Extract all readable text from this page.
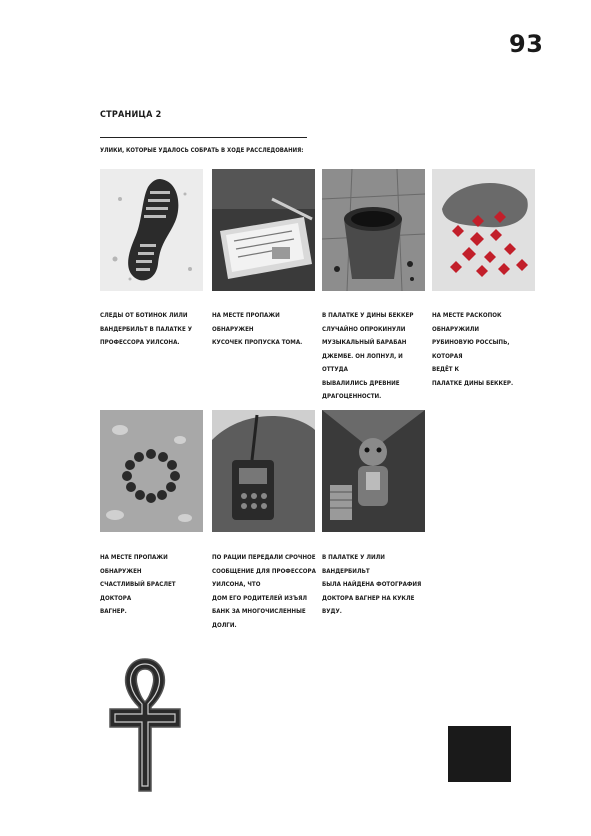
93
СТРАНИЦА 2
УЛИКИ, КОТОРЫЕ УДАЛОСЬ СОБРАТЬ В ХОДЕ РАССЛЕДОВАНИЯ:
СЛЕДЫ ОТ БОТИНОК ЛИЛИ
ВАНДЕРБИЛЬТ В ПАЛАТКЕ У
ПРОФЕССОРА УИЛСОНА.
НА МЕСТЕ ПРОПАЖИ ОБНАРУЖЕН
КУСОЧЕК ПРОПУСКА ТОМА.
В ПАЛАТКЕ У ДИНЫ БЕККЕР
СЛУЧАЙНО ОПРОКИНУЛИ
МУЗЫКАЛЬНЫЙ БАРАБАН
ДЖЕМБЕ. ОН ЛОПНУЛ, И ОТТУДА
ВЫВАЛИЛИСЬ ДРЕВНИЕ
ДРАГОЦЕННОСТИ.
НА МЕСТЕ РАСКОПОК ОБНАРУЖИЛИ
РУБИНОВУЮ РОССЫПЬ, КОТОРАЯ
ВЕДЁТ К
ПАЛАТКЕ ДИНЫ БЕККЕР.
НА МЕСТЕ ПРОПАЖИ ОБНАРУЖЕН
СЧАСТЛИВЫЙ БРАСЛЕТ ДОКТОРА
ВАГНЕР.
ПО РАЦИИ ПЕРЕДАЛИ СРОЧНОЕ
СООБЩЕНИЕ ДЛЯ ПРОФЕССОРА
УИЛСОНА, ЧТО
ДОМ ЕГО РОДИТЕЛЕЙ ИЗЪЯЛ
БАНК ЗА МНОГОЧИСЛЕННЫЕ
ДОЛГИ.
В ПАЛАТКЕ У ЛИЛИ ВАНДЕРБИЛЬТ
БЫЛА НАЙДЕНА ФОТОГРАФИЯ
ДОКТОРА ВАГНЕР НА КУКЛЕ ВУДУ.
